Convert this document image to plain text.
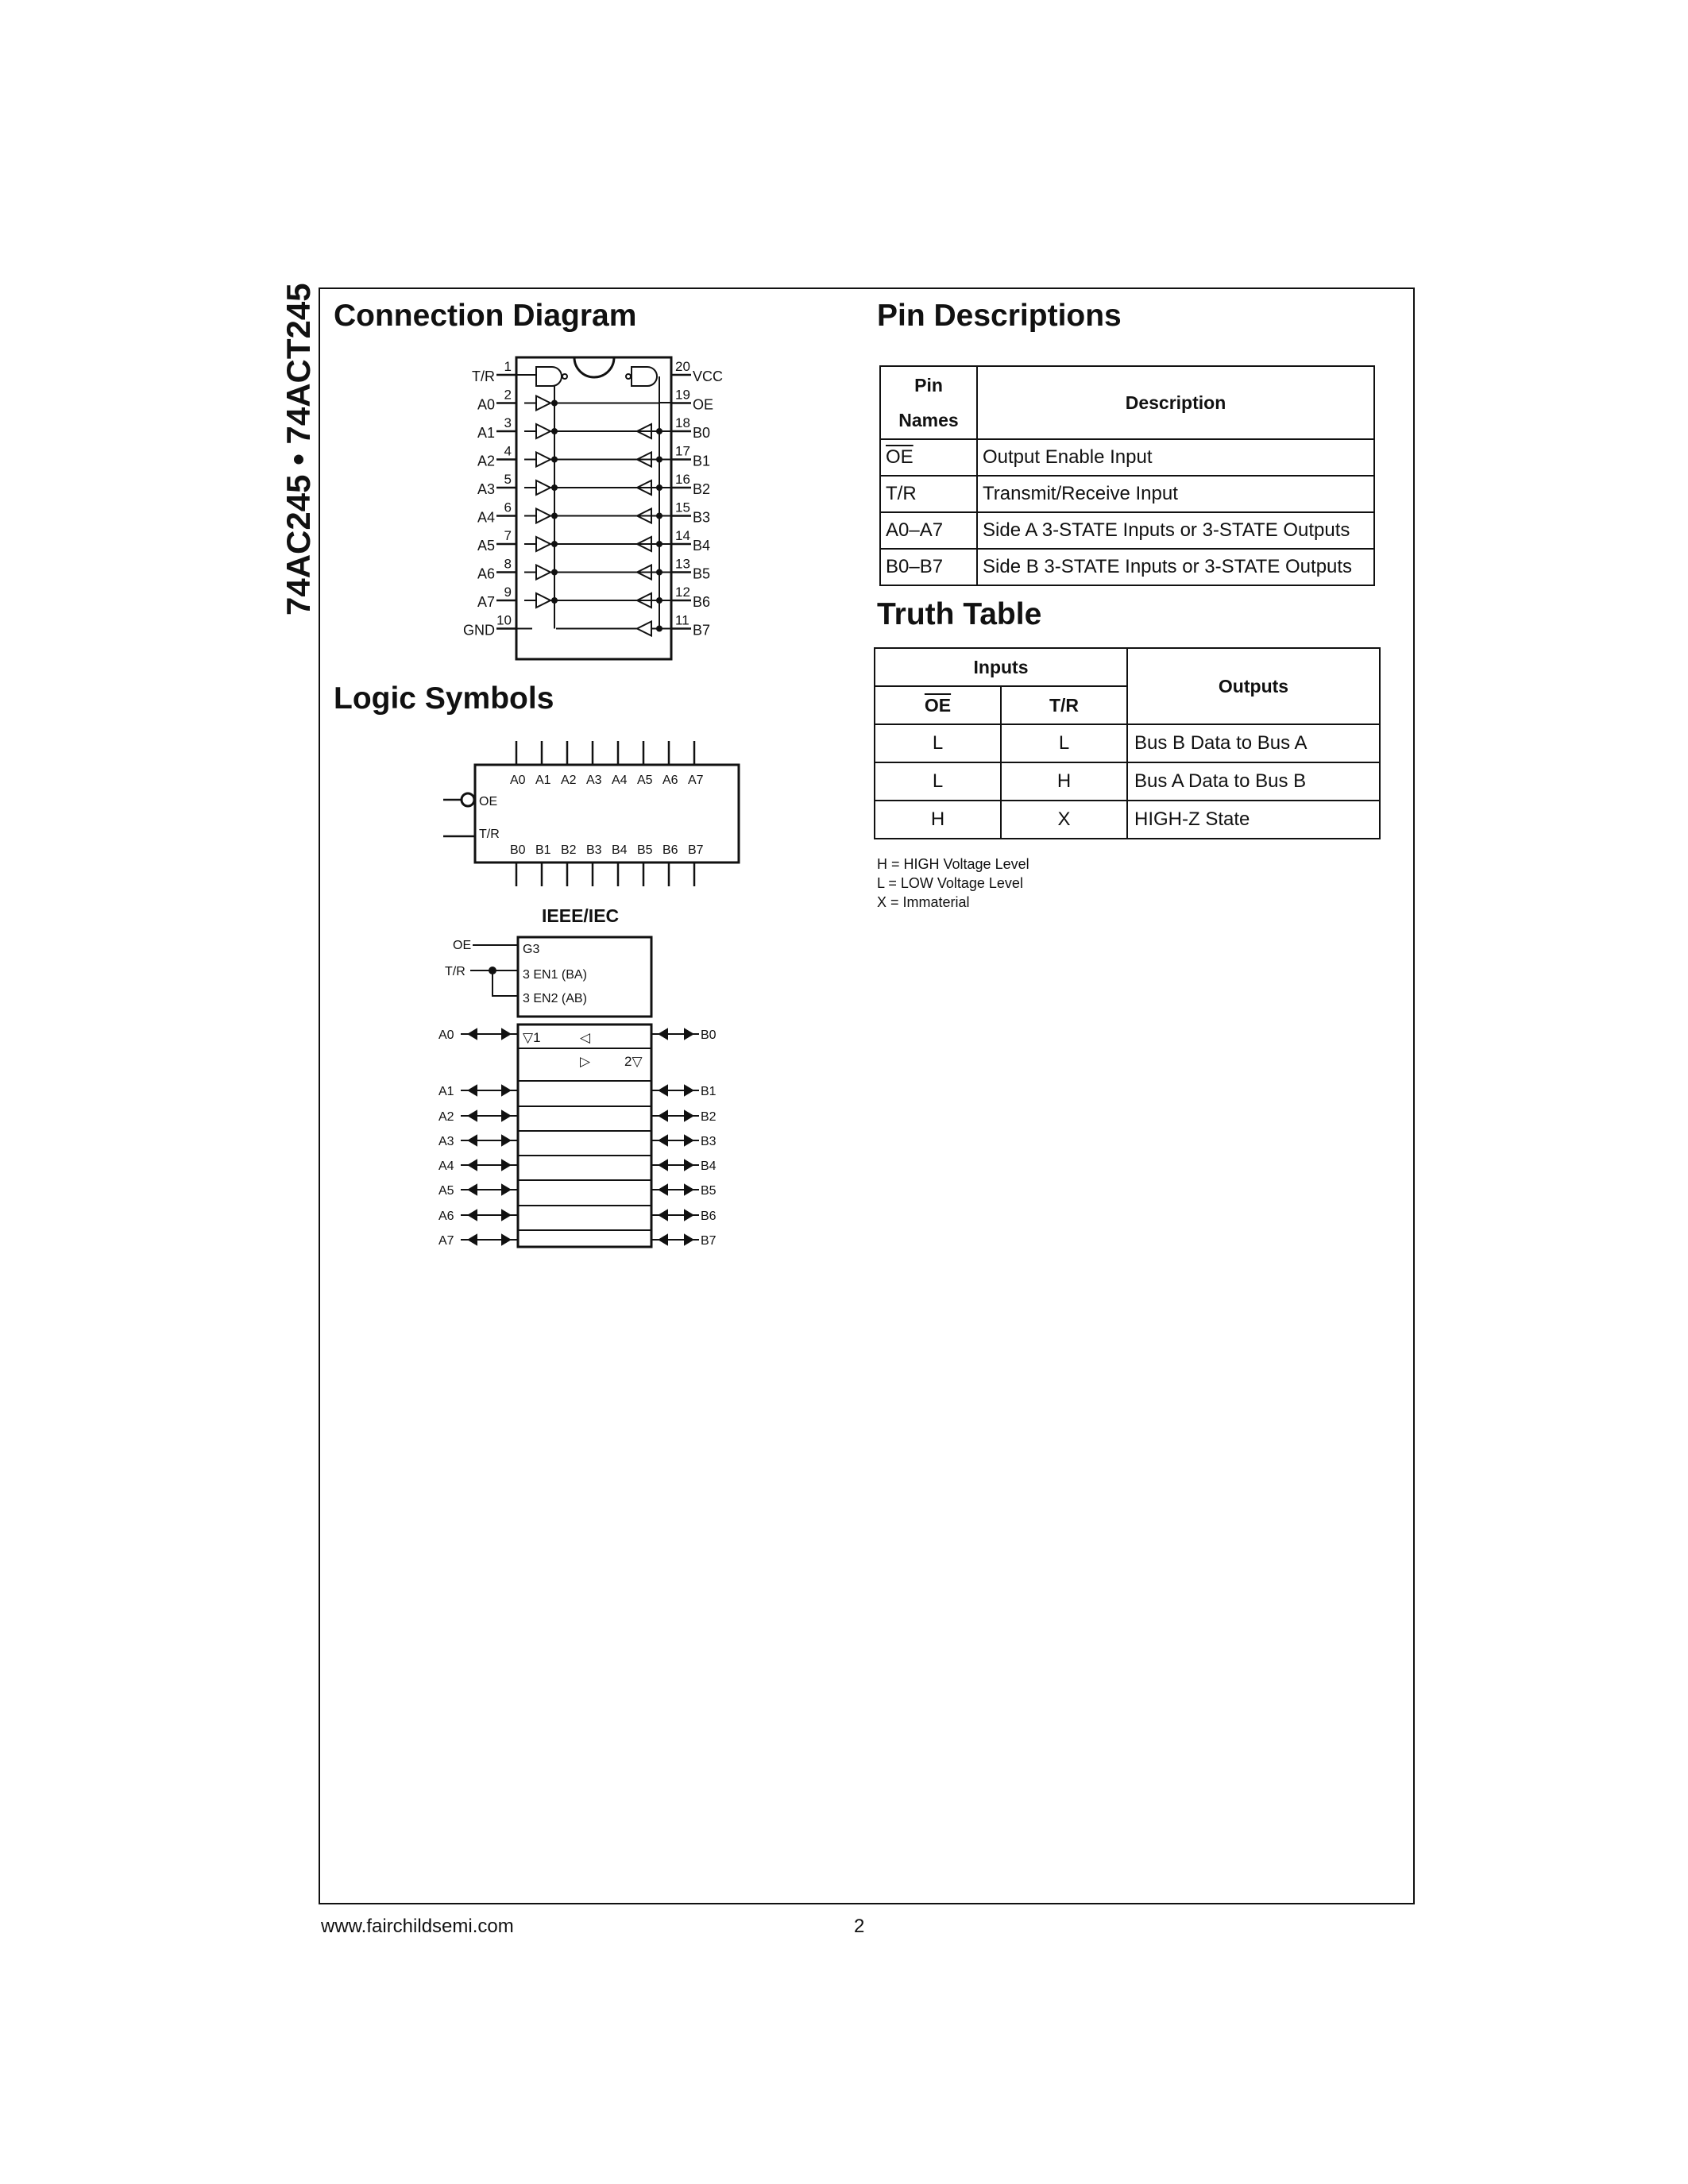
74AC245 • 74ACT245 Connection Diagram	Pin Descriptions
Truth Table
Logic Symbols
1
T/R
2
A0
3
A1
4
A2
5
A3
6
A4
7
A5
8
A6
9
A7
10
GND
20
VCC
19
OE
18
B0
17
B1
16
B2
15
B3
14
B4
13
B5
12
B6
11
B7
A0 A1 A2 A3 A4 A5 A6 A7
B0 B1 B2 B3 B4 B5 B6 B7
OE
T/R
IEEE/IEC
G3
3 EN1 (BA)
3 EN2 (AB)
OE
T/R
▽1	◁
▷	2▽
A0
A1
A2
A3
A4
A5
A6
A7
B0
B1
B2
B3
B4
B5
B6
B7
Pin
Names	Description
$\overline{OE}$	Output Enable Input
T/R	Transmit/Receive Input
A0–A7	Side A 3-STATE Inputs or 3-STATE Outputs
B0–B7	Side B 3-STATE Inputs or 3-STATE Outputs
Inputs		Outputs
$\overline{OE}$	T/R	
L	L	Bus B Data to Bus A
L	H	Bus A Data to Bus B
H	X	HIGH-Z State
H = HIGH Voltage Level
L = LOW Voltage Level
X = Immaterial
www.fairchildsemi.com	2
